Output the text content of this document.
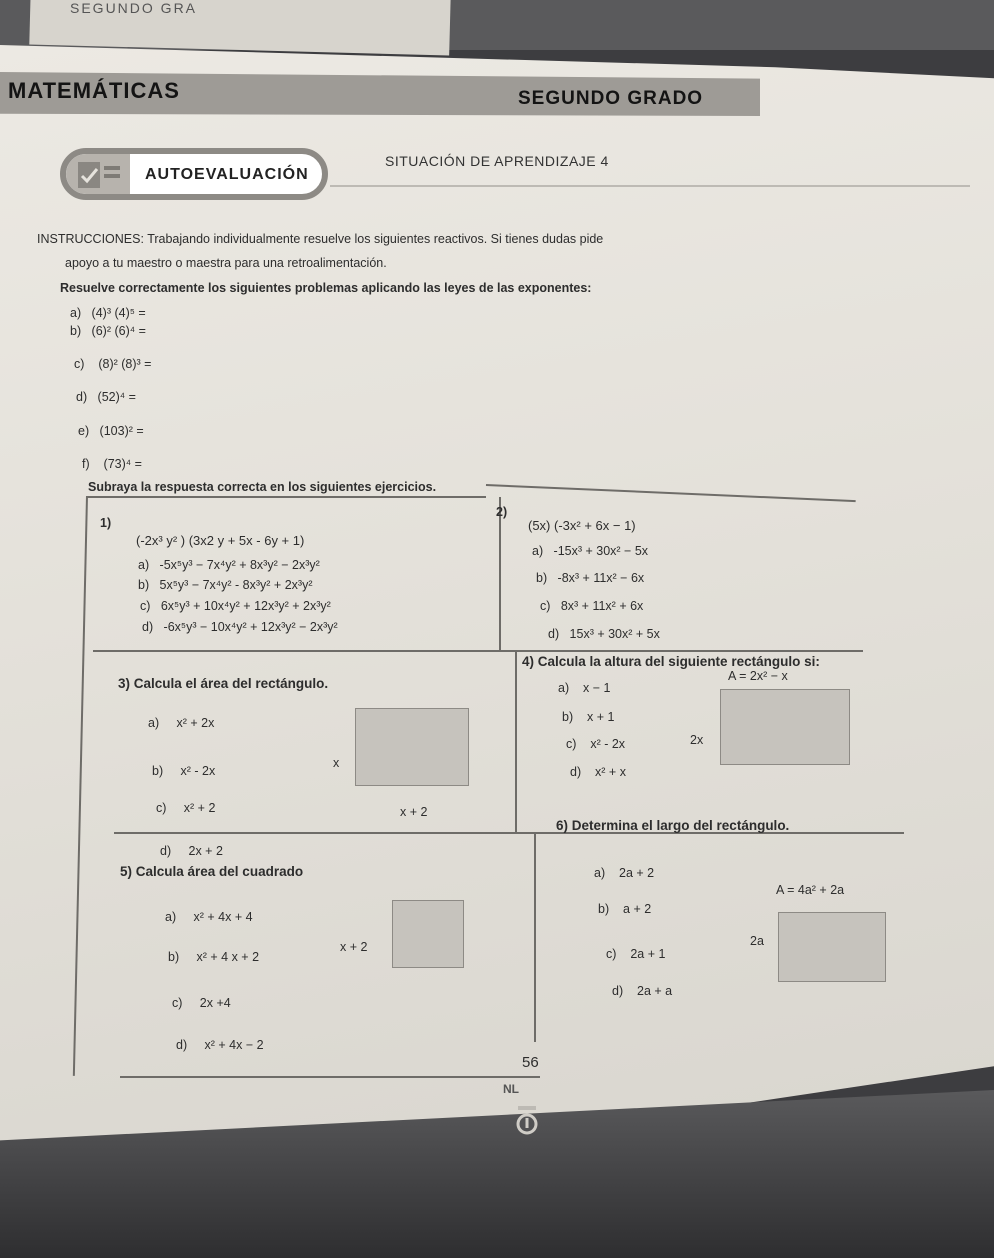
SEGUNDO GRA
MATEMÁTICAS	SEGUNDO GRADO
AUTOEVALUACIÓN
SITUACIÓN DE APRENDIZAJE 4
INSTRUCCIONES: Trabajando individualmente resuelve los siguientes reactivos. Si tienes dudas pide
apoyo a tu maestro o maestra para una retroalimentación.
Resuelve correctamente los siguientes problemas aplicando las leyes de las exponentes:
a) (4)³ (4)⁵ =
b) (6)² (6)⁴ =
c) (8)² (8)³ =
d) (52)⁴ =
e) (103)² =
f) (73)⁴ =
Subraya la respuesta correcta en los siguientes ejercicios.
1)
(-2x³ y² ) (3x2 y + 5x - 6y + 1)
a) -5x⁵y³ − 7x⁴y² + 8x³y² − 2x³y²
b) 5x⁵y³ − 7x⁴y² - 8x³y² + 2x³y²
c) 6x⁵y³ + 10x⁴y² + 12x³y² + 2x³y²
d) -6x⁵y³ − 10x⁴y² + 12x³y² − 2x³y²
2)
(5x) (-3x² + 6x − 1)
a) -15x³ + 30x² − 5x
b) -8x³ + 11x² − 6x
c) 8x³ + 11x² + 6x
d) 15x³ + 30x² + 5x
3) Calcula el área del rectángulo.
a) x² + 2x
b) x² - 2x
c) x² + 2
d) 2x + 2
x
x + 2
4) Calcula la altura del siguiente rectángulo si:
A = 2x² − x
a) x − 1
b) x + 1
c) x² - 2x
d) x² + x
2x
5) Calcula área del cuadrado
a) x² + 4x + 4
b) x² + 4 x + 2
c) 2x +4
d) x² + 4x − 2
x + 2
6) Determina el largo del rectángulo.
A = 4a² + 2a
a) 2a + 2
b) a + 2
c) 2a + 1
d) 2a + a
2a
56
NL
